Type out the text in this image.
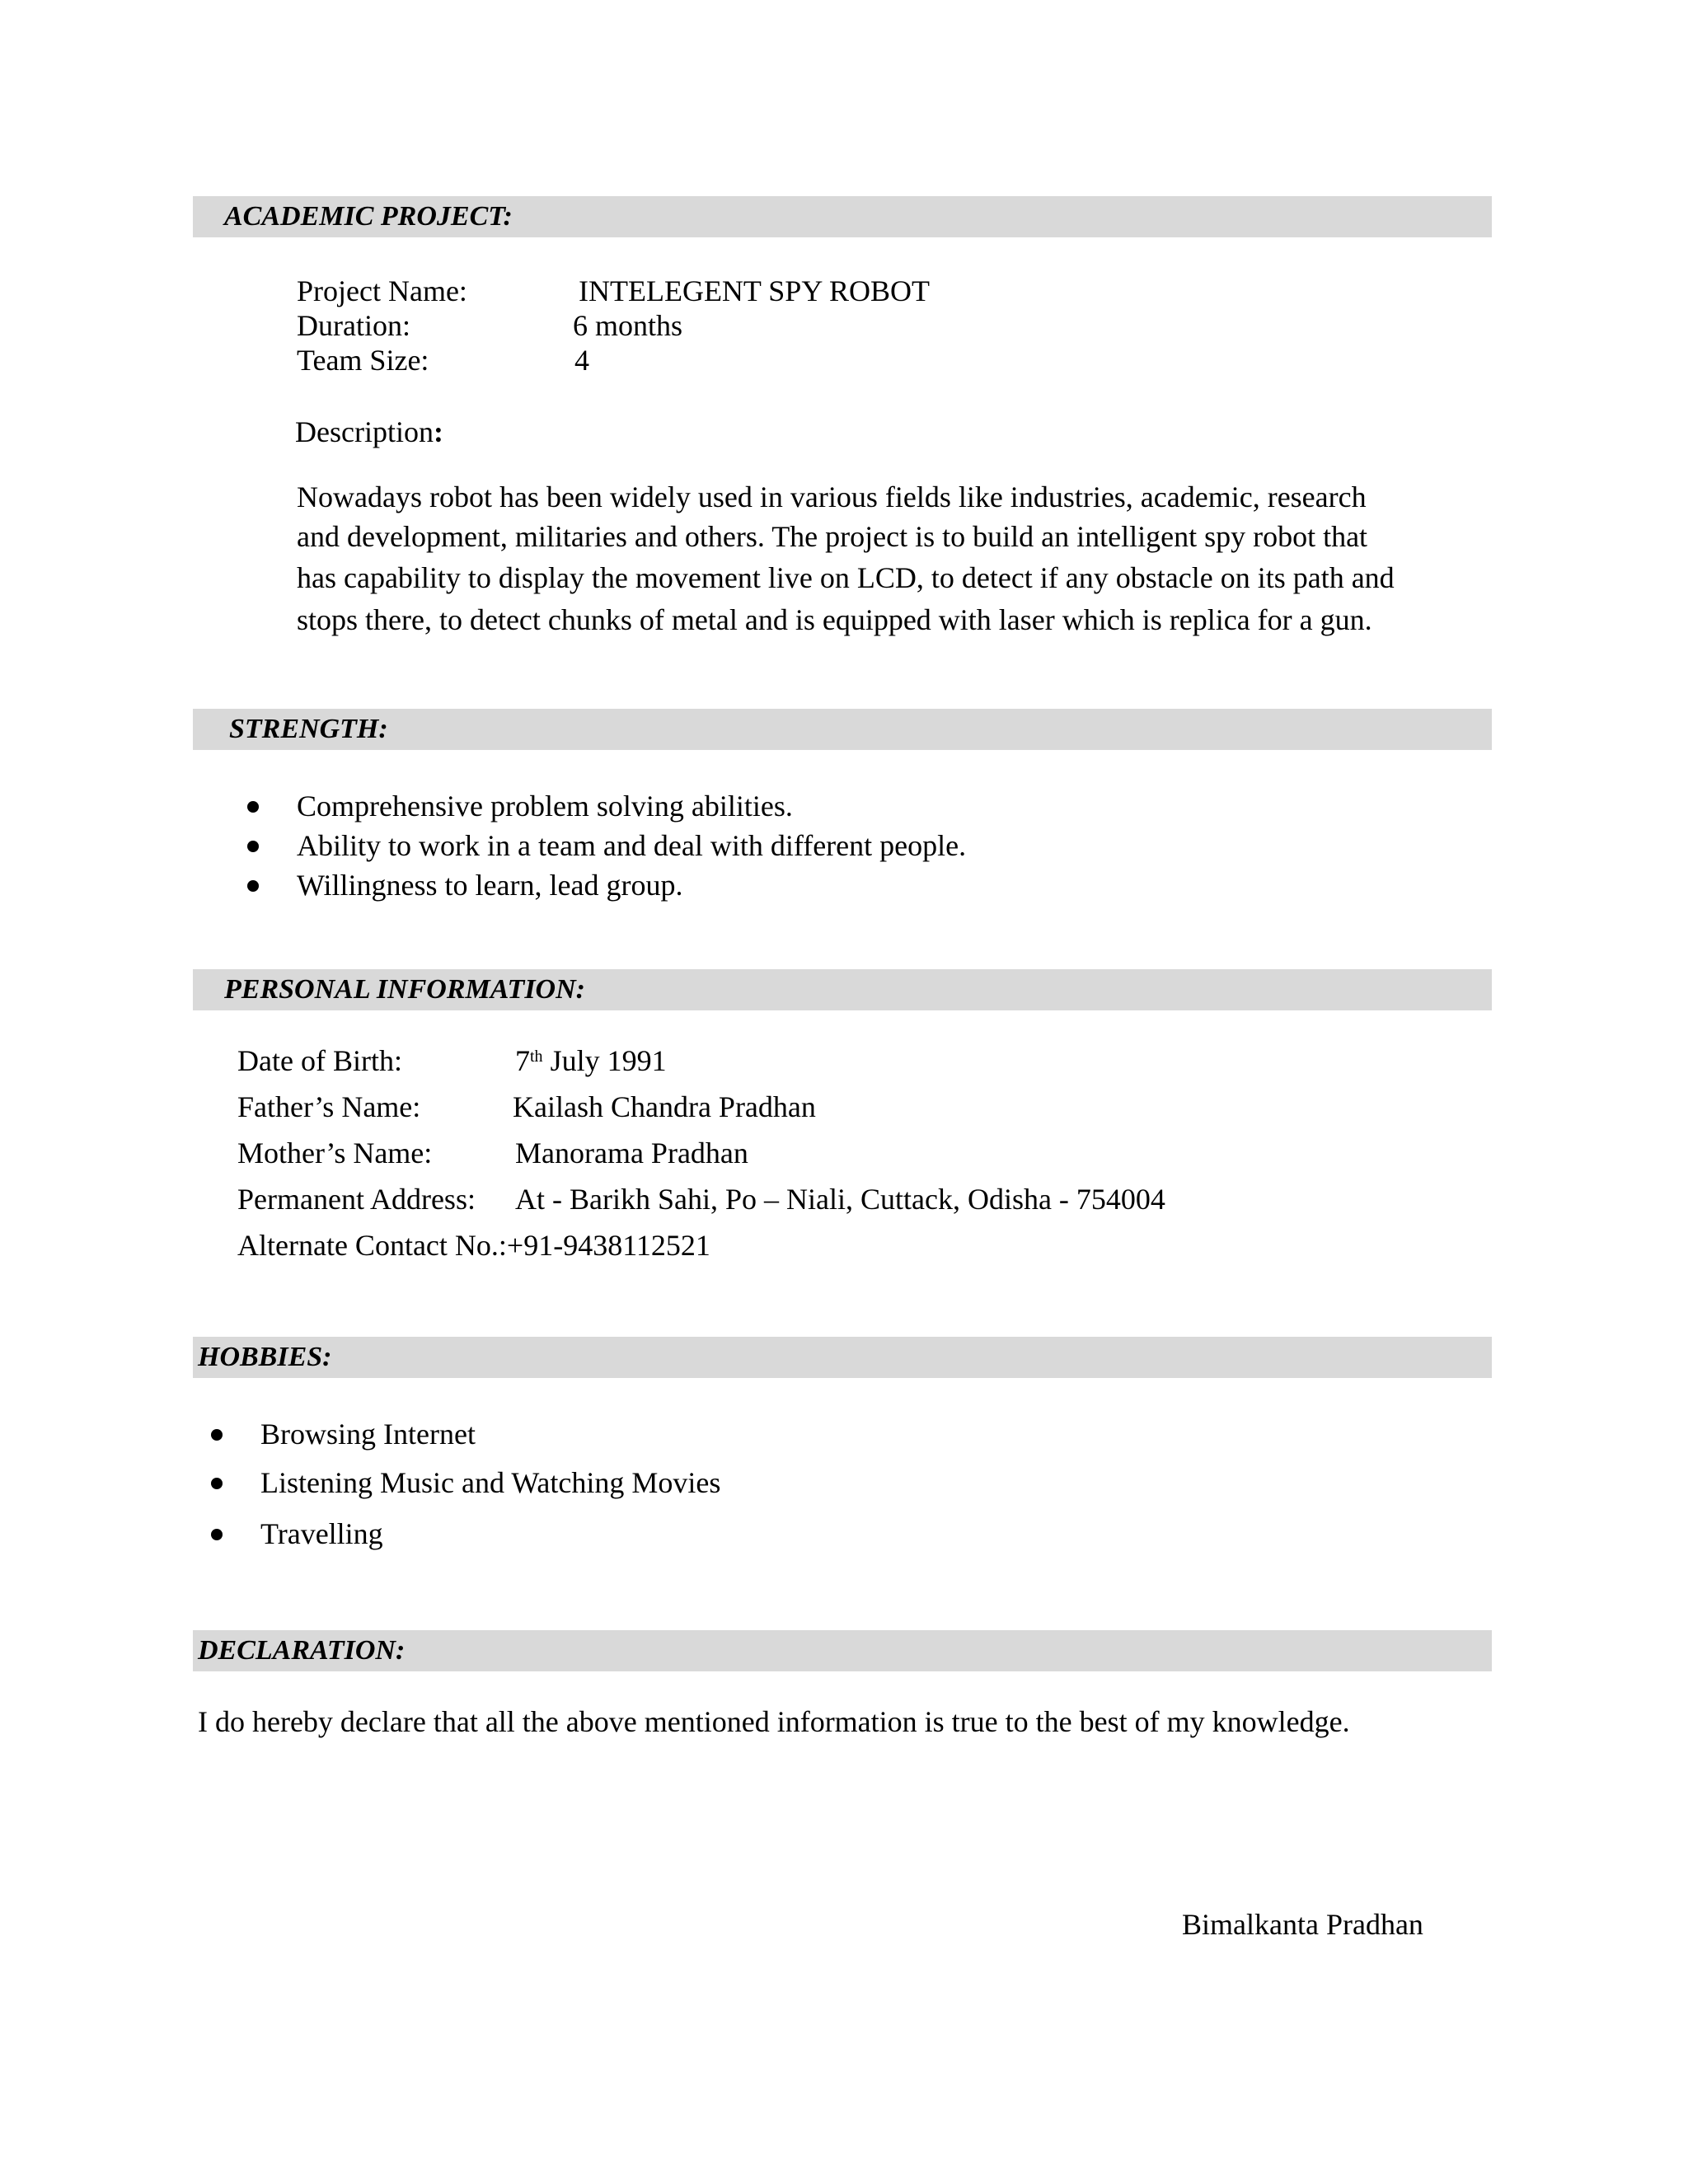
ACADEMIC PROJECT:
Project Name:	INTELEGENT SPY ROBOT
Duration:	6 months
Team Size:	4
Description:
Nowadays robot has been widely used in various fields like industries, academic, research
and development, militaries and others. The project is to build an intelligent spy robot that
has capability to display the movement live on LCD, to detect if any obstacle on its path and
stops there, to detect chunks of metal and is equipped with laser which is replica for a gun.
STRENGTH:
Comprehensive problem solving abilities.
Ability to work in a team and deal with different people.
Willingness to learn, lead group.
PERSONAL INFORMATION:
Date of Birth:	7th July 1991
Father’s Name:	Kailash Chandra Pradhan
Mother’s Name:	Manorama Pradhan
Permanent Address: At - Barikh Sahi, Po – Niali, Cuttack, Odisha - 754004
Alternate Contact No.:+91-9438112521
HOBBIES:
Browsing Internet
Listening Music and Watching Movies
Travelling
DECLARATION:
I do hereby declare that all the above mentioned information is true to the best of my knowledge.
Bimalkanta Pradhan
